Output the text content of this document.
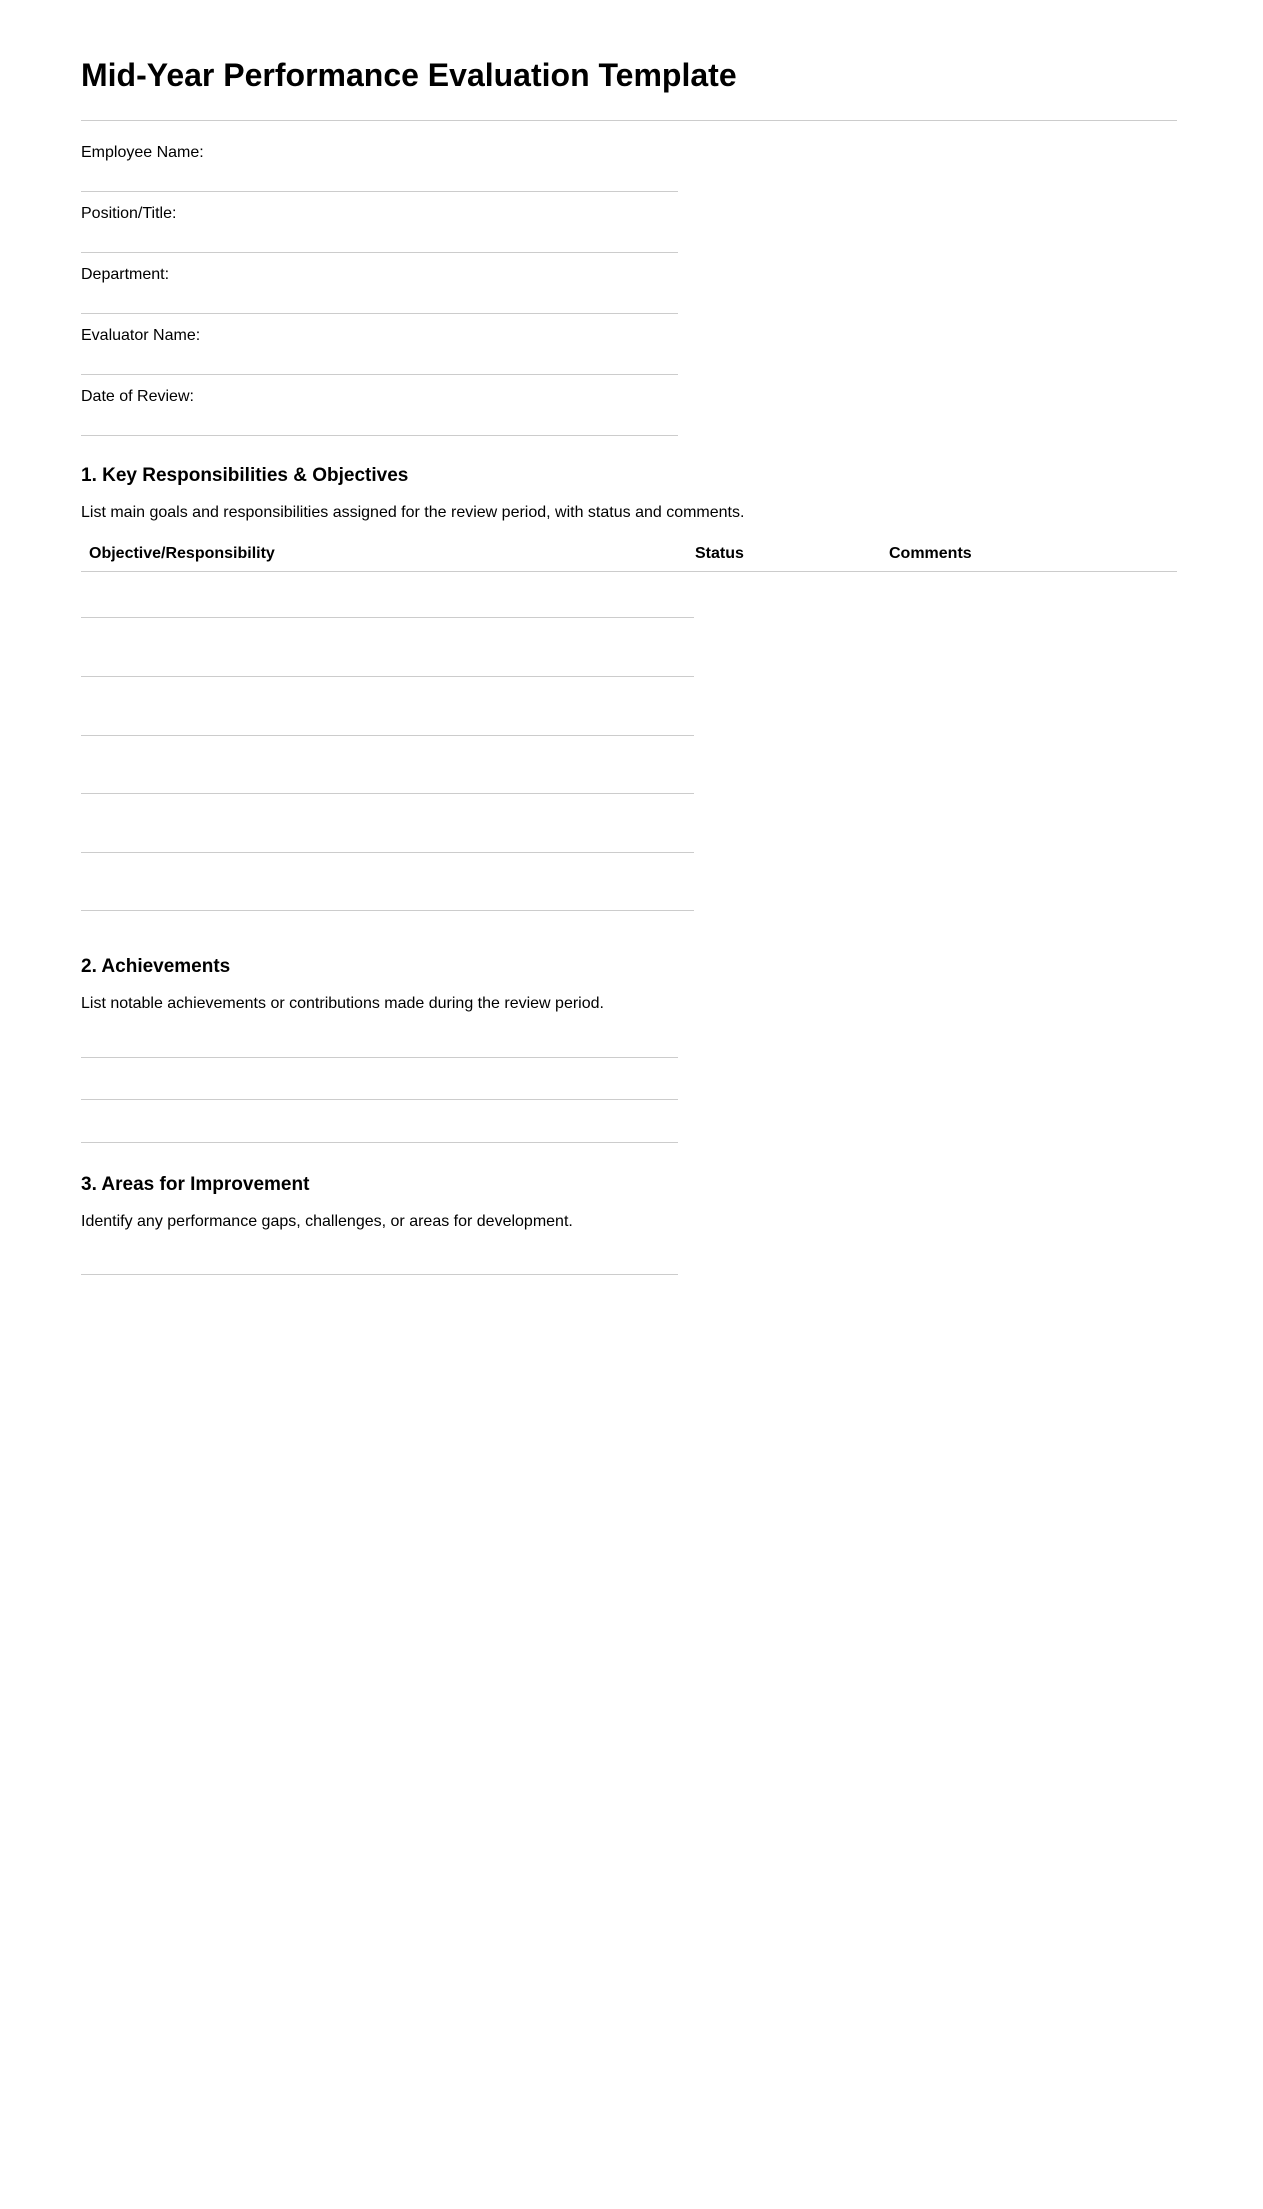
Mid-Year Performance Evaluation Template
Employee Name:
Position/Title:
Department:
Evaluator Name:
Date of Review:
1. Key Responsibilities & Objectives

List main goals and responsibilities assigned for the review period, with status and comments.

Objective/Responsibility	Status	Comments
2. Achievements

List notable achievements or contributions made during the review period.

3. Areas for Improvement

Identify any performance gaps, challenges, or areas for development.
